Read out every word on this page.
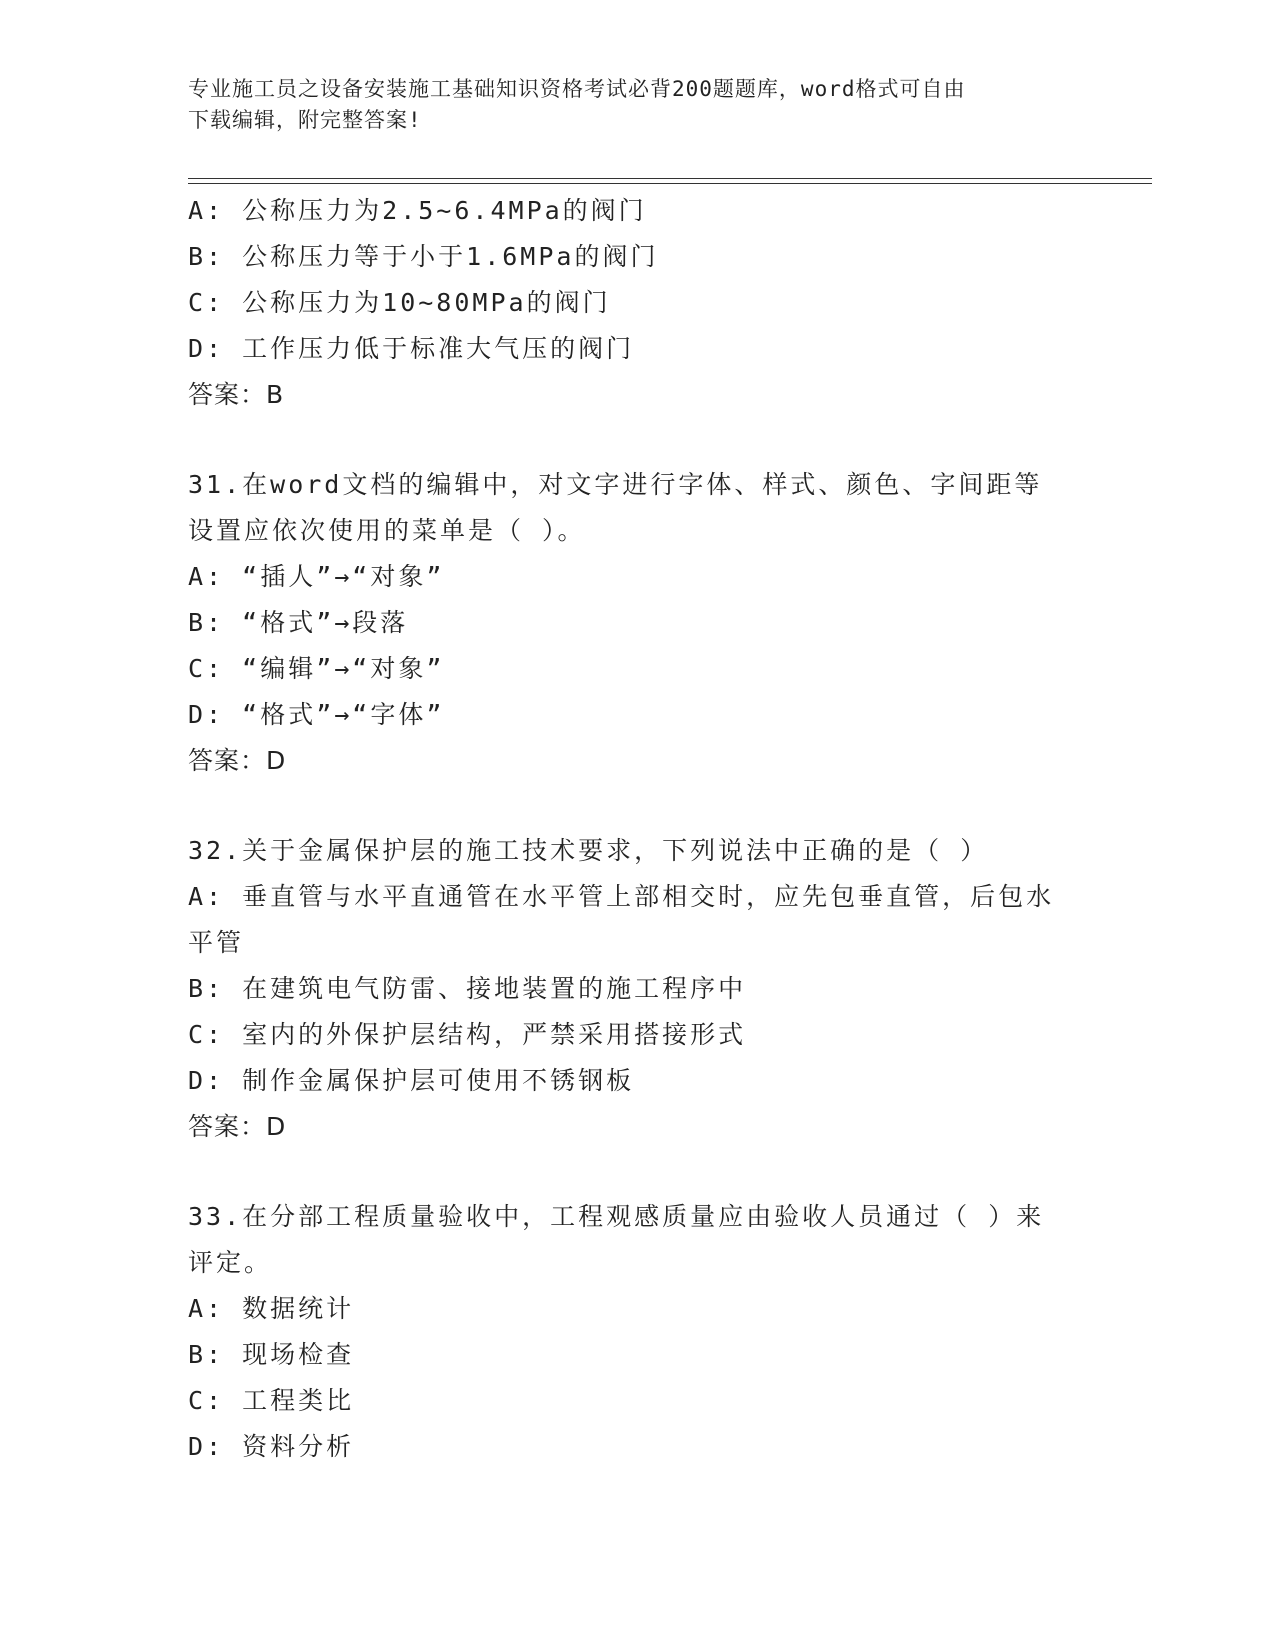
专业施工员之设备安装施工基础知识资格考试必背200题题库，word格式可自由
下载编辑，附完整答案!
A: 公称压力为2.5~6.4MPa的阀门
B: 公称压力等于小于1.6MPa的阀门
C: 公称压力为10~80MPa的阀门
D: 工作压力低于标准大气压的阀门
答案：B
31.在word文档的编辑中，对文字进行字体、样式、颜色、字间距等
设置应依次使用的菜单是（ ）。
A: “插人”→“对象”
B: “格式”→段落
C: “编辑”→“对象”
D: “格式”→“字体”
答案：D
32.关于金属保护层的施工技术要求，下列说法中正确的是（ ）
A: 垂直管与水平直通管在水平管上部相交时，应先包垂直管，后包水
平管
B: 在建筑电气防雷、接地装置的施工程序中
C: 室内的外保护层结构，严禁采用搭接形式
D: 制作金属保护层可使用不锈钢板
答案：D
33.在分部工程质量验收中，工程观感质量应由验收人员通过（ ）来
评定。
A: 数据统计
B: 现场检查
C: 工程类比
D: 资料分析
